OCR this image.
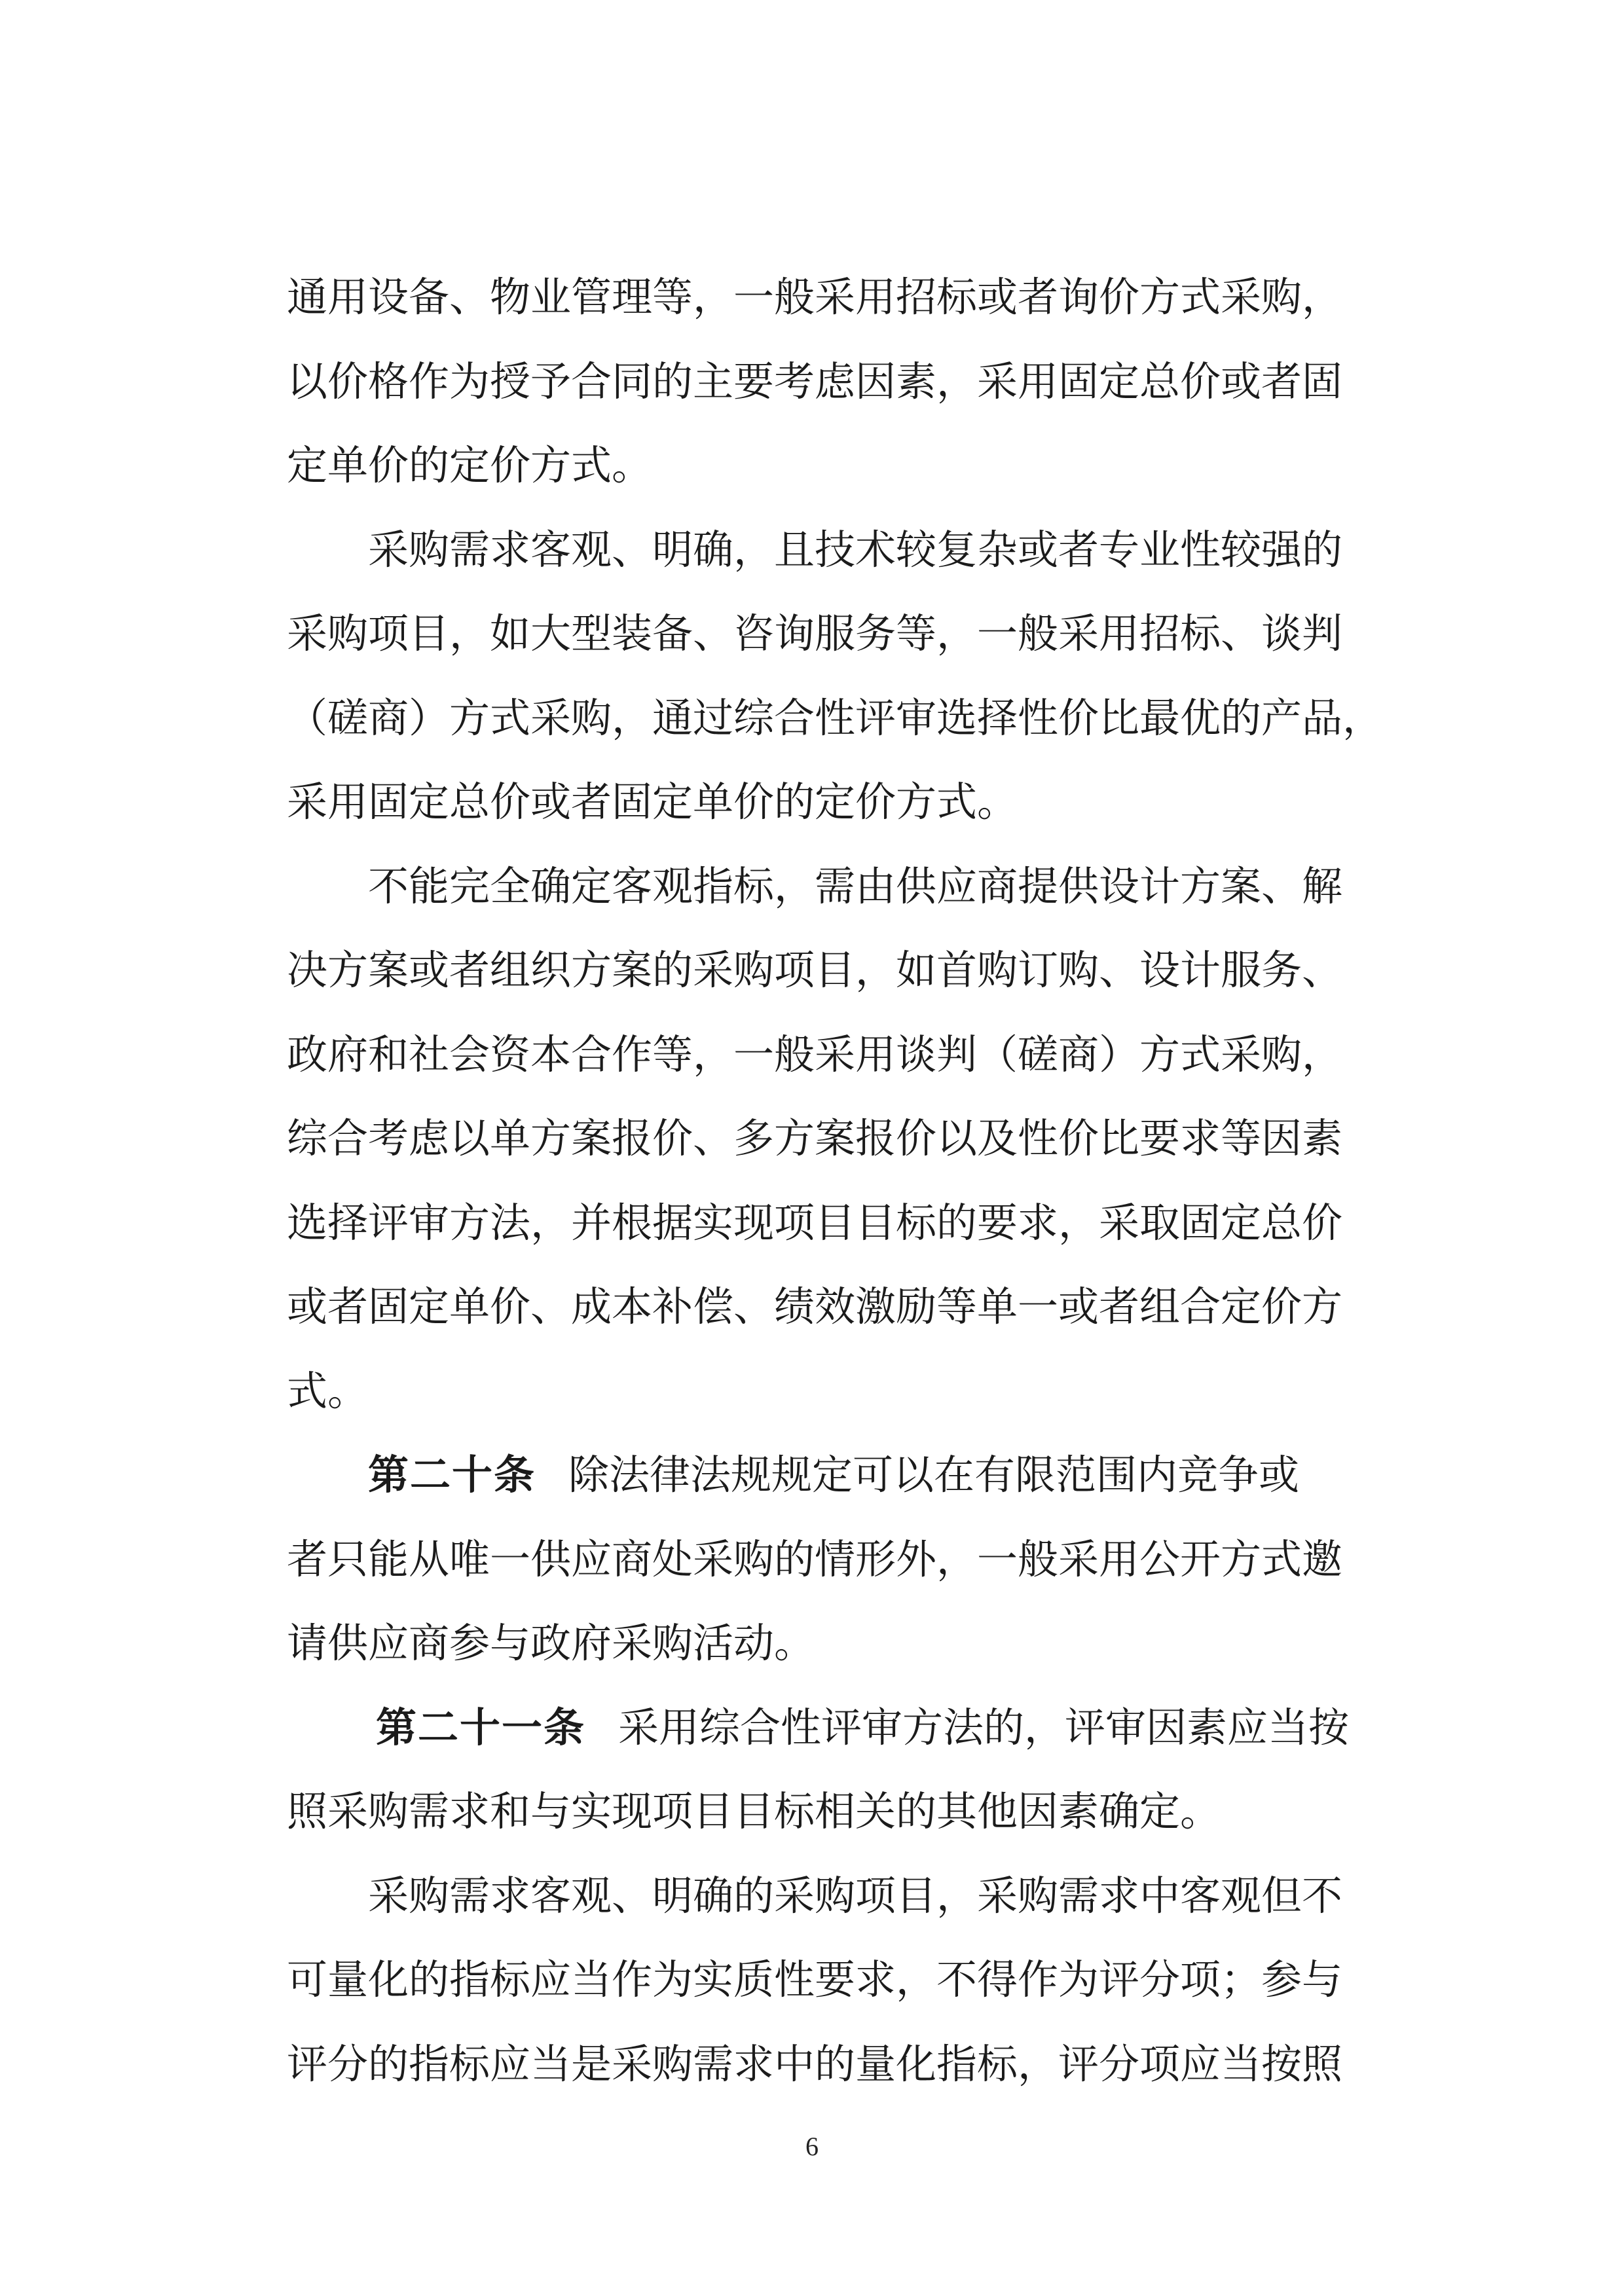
通用设备、物业管理等，一般采用招标或者询价方式采购，
以价格作为授予合同的主要考虑因素，采用固定总价或者固
定单价的定价方式。
采购需求客观、明确，且技术较复杂或者专业性较强的
采购项目，如大型装备、咨询服务等，一般采用招标、谈判
（磋商）方式采购，通过综合性评审选择性价比最优的产品，
采用固定总价或者固定单价的定价方式。
不能完全确定客观指标，需由供应商提供设计方案、解
决方案或者组织方案的采购项目，如首购订购、设计服务、
政府和社会资本合作等，一般采用谈判（磋商）方式采购，
综合考虑以单方案报价、多方案报价以及性价比要求等因素
选择评审方法，并根据实现项目目标的要求，采取固定总价
或者固定单价、成本补偿、绩效激励等单一或者组合定价方
式。
第二十条 除法律法规规定可以在有限范围内竞争或
者只能从唯一供应商处采购的情形外，一般采用公开方式邀
请供应商参与政府采购活动。
第二十一条 采用综合性评审方法的，评审因素应当按
照采购需求和与实现项目目标相关的其他因素确定。
采购需求客观、明确的采购项目，采购需求中客观但不
可量化的指标应当作为实质性要求，不得作为评分项；参与
评分的指标应当是采购需求中的量化指标，评分项应当按照
6
